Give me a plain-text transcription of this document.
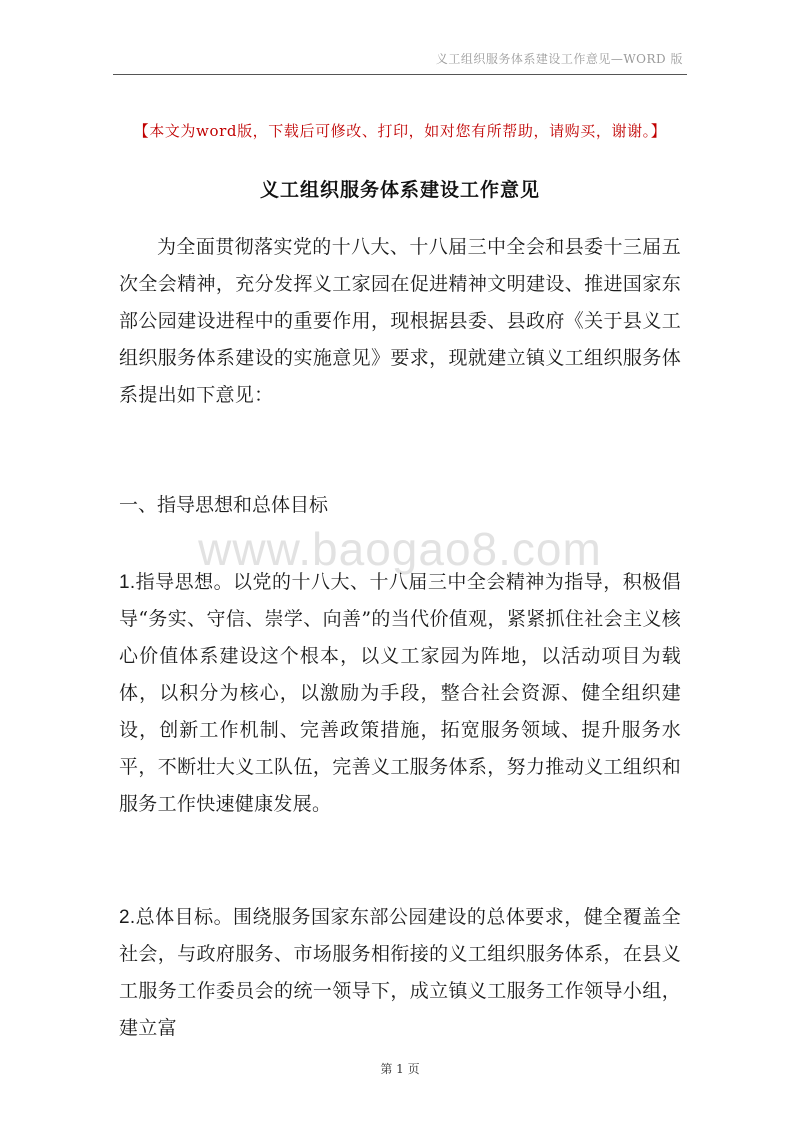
义工组织服务体系建设工作意见—WORD 版
【本文为word版，下载后可修改、打印，如对您有所帮助，请购买，谢谢。】
义工组织服务体系建设工作意见

为全面贯彻落实党的十八大、十八届三中全会和县委十三届五次全会精神，充分发挥义工家园在促进精神文明建设、推进国家东部公园建设进程中的重要作用，现根据县委、县政府《关于县义工组织服务体系建设的实施意见》要求，现就建立镇义工组织服务体系提出如下意见：

一、指导思想和总体目标
www.baogao8.com

1.指导思想。以党的十八大、十八届三中全会精神为指导，积极倡导“务实、守信、崇学、向善”的当代价值观，紧紧抓住社会主义核心价值体系建设这个根本，以义工家园为阵地，以活动项目为载体，以积分为核心，以激励为手段，整合社会资源、健全组织建设，创新工作机制、完善政策措施，拓宽服务领域、提升服务水平，不断壮大义工队伍，完善义工服务体系，努力推动义工组织和服务工作快速健康发展。

2.总体目标。围绕服务国家东部公园建设的总体要求，健全覆盖全社会，与政府服务、市场服务相衔接的义工组织服务体系，在县义工服务工作委员会的统一领导下，成立镇义工服务工作领导小组，建立富

第 1 页
